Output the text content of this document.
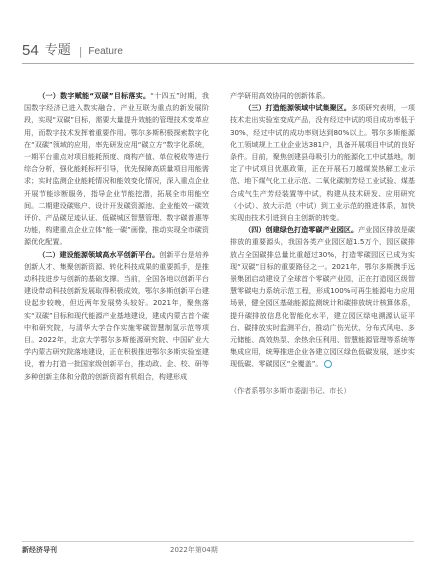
54 专题 | Feature

（一）数字赋能“双碳”目标落实。“十四五”时期，我国数字经济已进入数实融合、产业互联为重点的新发展阶段，实现“双碳”目标，需要大量提升效能的管理技术变革应用，而数字技术发挥着重要作用。鄂尔多斯积极探索数字化在“双碳”领域的应用，率先研发应用“碳立方”数字化系统，一期平台重点对项目能耗预度、商构产值、单位税收等进行综合分析，强化能耗标杆引导，优先保障高质量项目用能需求；实时监测企业能耗情况和能效变化情况，深入重点企业开展节能诊断服务，指导企业节能挖潜，拓展全市用能空间。二期建设碳账户、设计开发碳资源池、企业能效一碳效评价、产品碳足迹认证、低碳城区智慧管理、数字碳普惠等功能，构建重点企业立体“能一碳”画像，推动实现全市碳资源优化配置。

（二）建设能源领域高水平创新平台。创新平台是培养创新人才、集聚创新资源、转化科技成果的重要抓手，是推动科技进步与创新的基础支撑。当前，全国各地以创新平台建设带动科技创新发展取得积极成效，鄂尔多斯创新平台建设起步较晚，但近两年发展势头较好。2021年，聚焦落实“双碳”目标和现代能源产业基地建设，建成内蒙古首个碳中和研究院，与清华大学合作实施零碳智慧制氢示范等项目。2022年，北京大学鄂尔多斯能源研究院、中国矿业大学内蒙古研究院落地建设，正在积极推进鄂尔多斯实验室建设，着力打造一批国家级创新平台，推动政、企、校、研等多种创新主体和分散的创新资源有机组合，构建形成

产学研用高效协同的创新体系。

（三）打造能源领域中试集聚区。多项研究表明，一项技术走出实验室变成产品，没有经过中试的项目成功率低于30%，经过中试的成功率则达到80%以上。鄂尔多斯能源化工领域规上工业企业达381户，具备开展项目中试的良好条件。目前，聚焦创建县母吸引力的能源化工中试基地，制定了中试项目优惠政策，正在开展石刀越煤炭热解工业示范、地下煤气化工业示范、二氧化碳制芳烃工业试验、煤基合成气生产芳烃装置等中试，构建从技术研发、应用研究（小试）、放大示范（中试）到工业示范的推进体系，加快实现由技术引进到自主创新的转变。

（四）创建绿色打造零碳产业园区。产业园区排放是碳排放的重要源头，我国各类产业园区超1.5万个，园区碳排放占全国碳排总量比重超过30%，打造零碳园区已成为实现“双碳”目标的重要路径之一。2021年，鄂尔多斯携手远景集团启动建设了全球首个零碳产业园，正在打造园区级智慧零碳电力系统示范工程，形成100%可再生能源电力应用场景，健全园区基础能源监测统计和碳排放统计核算体系，提升碳排放信息化智能化水平，建立园区绿电溯源认证平台、碳排放实时监测平台，推动广伤光伏、分布式风电、多元储能、高效热泵、余热余压利用、智慧能源管理等系统等集成应用，统筹推进企业各建立园区绿色低碳发展，逐步实现低碳、零碳园区“全覆盖”。

（作者系鄂尔多斯市委副书记、市长）
新经济导刊	2022年第04期
